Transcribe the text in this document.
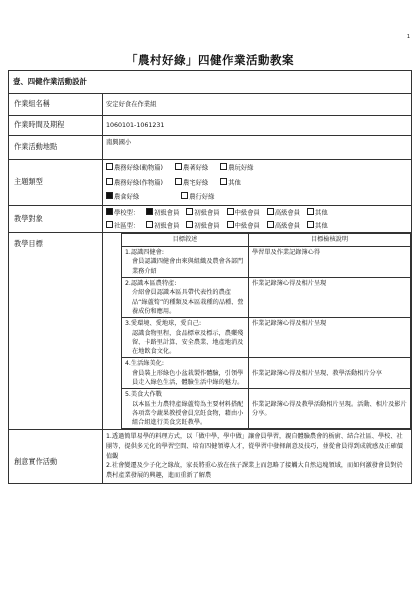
1
「農村好綠」四健作業活動教案
壹、四健作業活動設計
作業組名稱	安定好食在作業組
作業時間及期程	1060101-1061231
作業活動地點	南興國小
主題類型	
農務好綠(動物篇)	農著好綠	農玩好綠
農務好綠(作物篇)	農宅好綠	其他
農食好綠	農行好綠

教學對象	
學校型： 初級會員 初級會員 中級會員 高級會員 其他
社區型： 初級會員 初級會員 中級會員 高級會員 其他

教學目標		目標敘述	目標檢核說明

1.認識四健會:
會員認識四健會由來與組織及農會各部門業務介紹
	學習單及作業記錄簿心得

2.認識本區農特產:
介紹會員認識本區具帶代表性的農產品“綠蘆筍”的種類及本區栽種的品種、營養成份和應用。
	作業記錄簿心得及相片呈現

3.愛環境、愛地球，愛自己:
認識食物里程，食品標章及標示，農藥殘留、卡路里計算、安全農業、地產地消及在地飲食文化。
	作業記錄簿心得及相片呈現

4.生活綠美化:
會員裝上形綠色小盆栽製作體驗，引領學員走入綠色生活，體驗生活中綠的魅力。
	作業記錄簿心得及相片呈現、教學活動相片分享

5.美食大作戰
以本區主力農特產綠蘆筍為主要材料搭配各項當令蔬果教授會員烹飪食物，藉由小組合組進行美食烹飪教學。
	作業記錄簿心得及教學活動相片呈現。活動、相片及影片分享。

創意實作活動	

1.透過簡單易學的料理方式，以「做中學，學中做」讓會員學習，親自體驗農會的栃廚、結合社區、學校、社團等，提供多元化的學習空間、培育四健領導人才，從學習中發揮創意及技巧，並從會員得到成就感及正確價值觀

2.社會變遷及少子化之緣故，家長將重心放在孩子課業上而忽略了接觸大自然這塊領域，而如何激發會員對於農村產業發展的興趣，進而重新了解農
